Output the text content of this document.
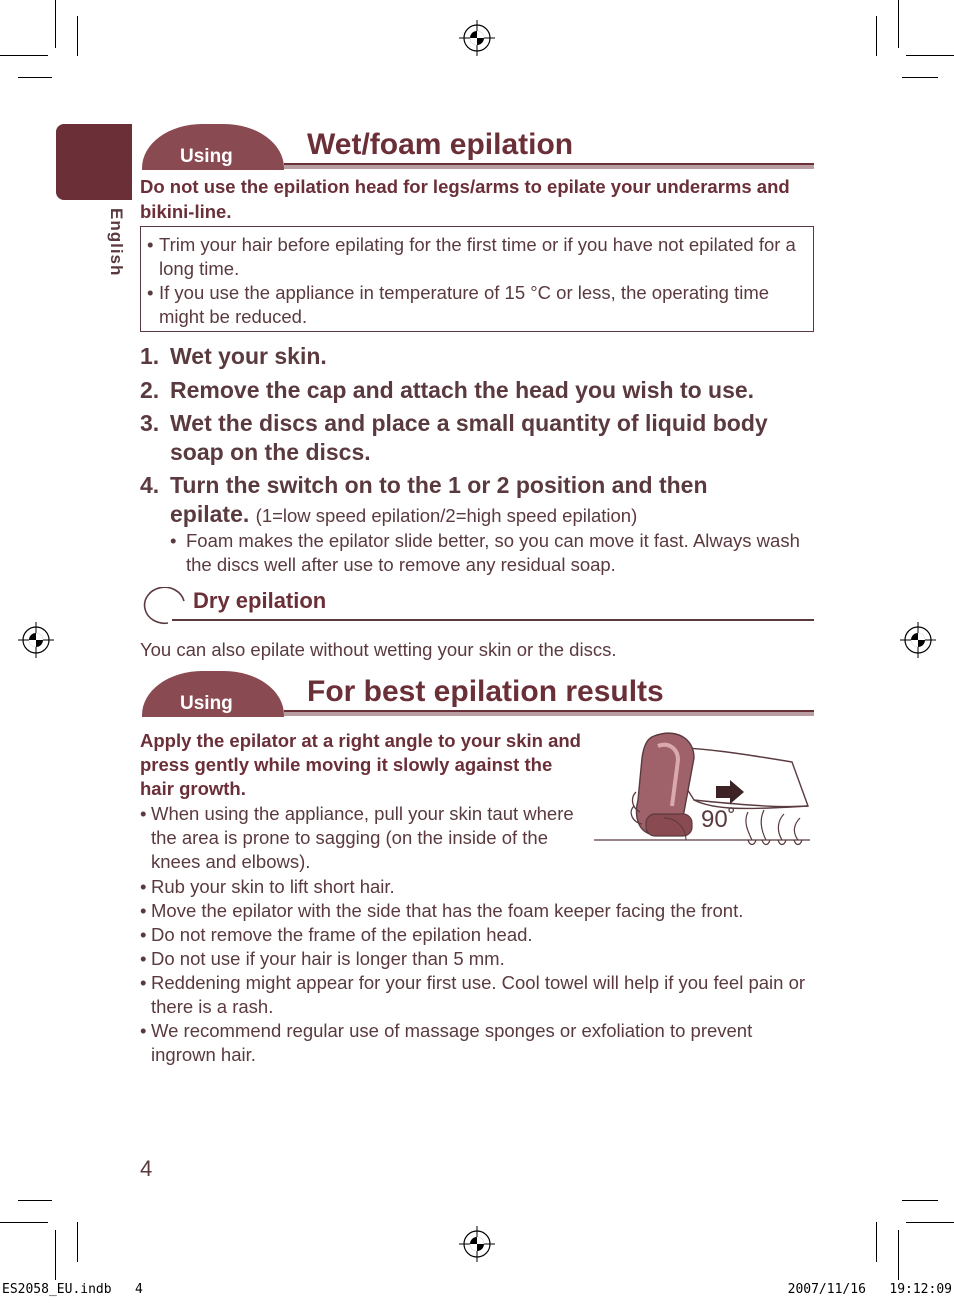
English
Using Wet/foam epilation
Do not use the epilation head for legs/arms to epilate your underarms and bikini-line.

• Trim your hair before epilating for the first time or if you have not epilated for a long time.

• If you use the appliance in temperature of 15 °C or less, the operating time might be reduced.

1. Wet your skin.
2. Remove the cap and attach the head you wish to use.
3. Wet the discs and place a small quantity of liquid body soap on the discs.
4. Turn the switch on to the 1 or 2 position and then epilate. (1=low speed epilation/2=high speed epilation)
• Foam makes the epilator slide better, so you can move it fast. Always wash the discs well after use to remove any residual soap.
Dry epilation
You can also epilate without wetting your skin or the discs.
Using For best epilation results
Apply the epilator at a right angle to your skin and press gently while moving it slowly against the hair growth.
90˚
• When using the appliance, pull your skin taut where the area is prone to sagging (on the inside of the knees and elbows).
• Rub your skin to lift short hair.
• Move the epilator with the side that has the foam keeper facing the front.
• Do not remove the frame of the epilation head.
• Do not use if your hair is longer than 5 mm.
• Reddening might appear for your first use. Cool towel will help if you feel pain or there is a rash.
• We recommend regular use of massage sponges or exfoliation to prevent ingrown hair.
4
ES2058_EU.indb   4	2007/11/16   19:12:09
